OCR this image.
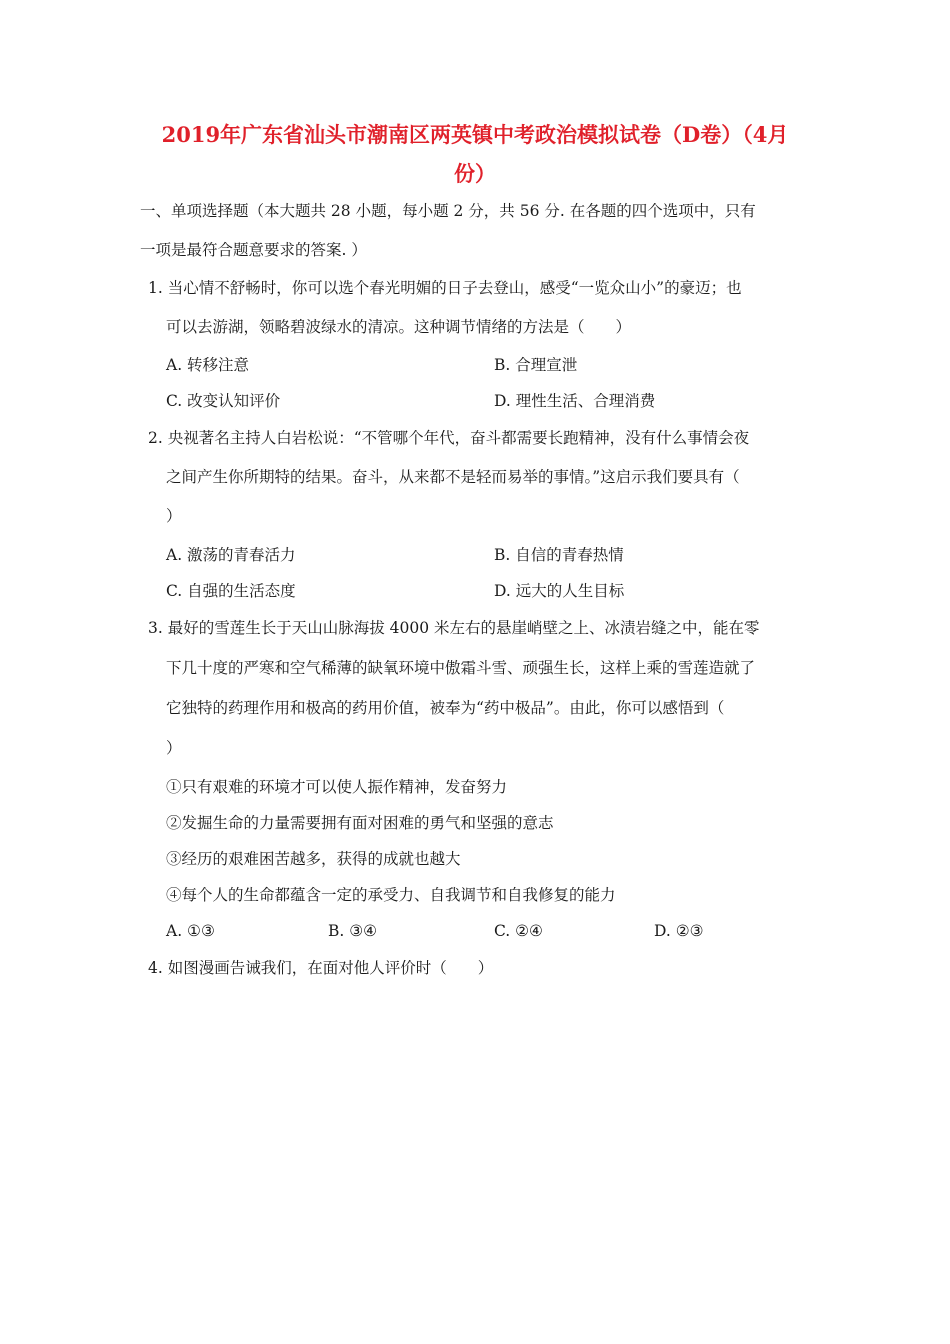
2019年广东省汕头市潮南区两英镇中考政治模拟试卷（D卷）（4月
份）
一、单项选择题（本大题共 28 小题，每小题 2 分，共 56 分. 在各题的四个选项中，只有
一项是最符合题意要求的答案. ）
1. 当心情不舒畅时，你可以选个春光明媚的日子去登山，感受“一览众山小”的豪迈；也
可以去游湖，领略碧波绿水的清凉。这种调节情绪的方法是（　　）
A. 转移注意	B. 合理宣泄
C. 改变认知评价	D. 理性生活、合理消费
2. 央视著名主持人白岩松说：“不管哪个年代，奋斗都需要长跑精神，没有什么事情会夜
之间产生你所期特的结果。奋斗，从来都不是轻而易举的事情。”这启示我们要具有（
）
A. 激荡的青春活力	B. 自信的青春热情
C. 自强的生活态度	D. 远大的人生目标
3. 最好的雪莲生长于天山山脉海拔 4000 米左右的悬崖峭壁之上、冰渍岩缝之中，能在零
下几十度的严寒和空气稀薄的缺氧环境中傲霜斗雪、顽强生长，这样上乘的雪莲造就了
它独特的药理作用和极高的药用价值，被奉为“药中极品”。由此，你可以感悟到（
）
①只有艰难的环境才可以使人振作精神，发奋努力
②发掘生命的力量需要拥有面对困难的勇气和坚强的意志
③经历的艰难困苦越多，获得的成就也越大
④每个人的生命都蕴含一定的承受力、自我调节和自我修复的能力
A. ①③	B. ③④	C. ②④	D. ②③
4. 如图漫画告诫我们，在面对他人评价时（　　）
